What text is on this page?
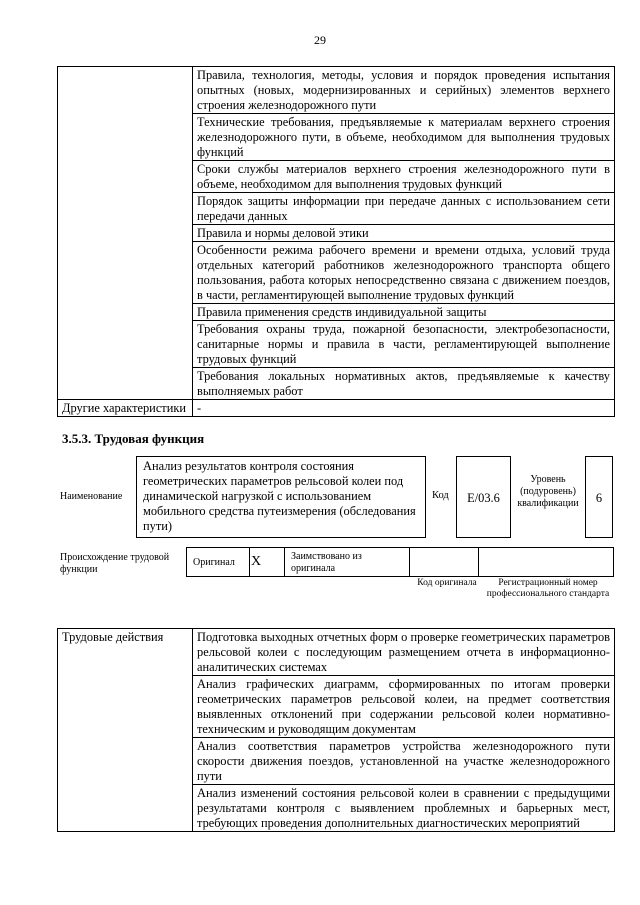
29
	Правила, технология, методы, условия и порядок проведения испытания опытных (новых, модернизированных и серийных) элементов верхнего строения железнодорожного пути
	Технические требования, предъявляемые к материалам верхнего строения железнодорожного пути, в объеме, необходимом для выполнения трудовых функций
	Сроки службы материалов верхнего строения железнодорожного пути в объеме, необходимом для выполнения трудовых функций
	Порядок защиты информации при передаче данных с использованием сети передачи данных
	Правила и нормы деловой этики
	Особенности режима рабочего времени и времени отдыха, условий труда отдельных категорий работников железнодорожного транспорта общего пользования, работа которых непосредственно связана с движением поездов, в части, регламентирующей выполнение трудовых функций
	Правила применения средств индивидуальной защиты
	Требования охраны труда, пожарной безопасности, электробезопасности, санитарные нормы и правила в части, регламентирующей выполнение трудовых функций
	Требования локальных нормативных актов, предъявляемые к качеству выполняемых работ
Другие характеристики	-
3.5.3. Трудовая функция
Наименование
Анализ результатов контроля состояния геометрических параметров рельсовой колеи под динамической нагрузкой с использованием мобильного средства путеизмерения (обследования пути)
Код	E/03.6
Уровень (подуровень) квалификации	6
Происхождение трудовой функции
Оригинал X	Заимствовано из оригинала
Код оригинала	Регистрационный номер профессионального стандарта
Трудовые действия	Подготовка выходных отчетных форм о проверке геометрических параметров рельсовой колеи с последующим размещением отчета в информационно-аналитических системах
Анализ графических диаграмм, сформированных по итогам проверки геометрических параметров рельсовой колеи, на предмет соответствия выявленных отклонений при содержании рельсовой колеи нормативно-техническим и руководящим документам
Анализ соответствия параметров устройства железнодорожного пути скорости движения поездов, установленной на участке железнодорожного пути
Анализ изменений состояния рельсовой колеи в сравнении с предыдущими результатами контроля с выявлением проблемных и барьерных мест, требующих проведения дополнительных диагностических мероприятий
